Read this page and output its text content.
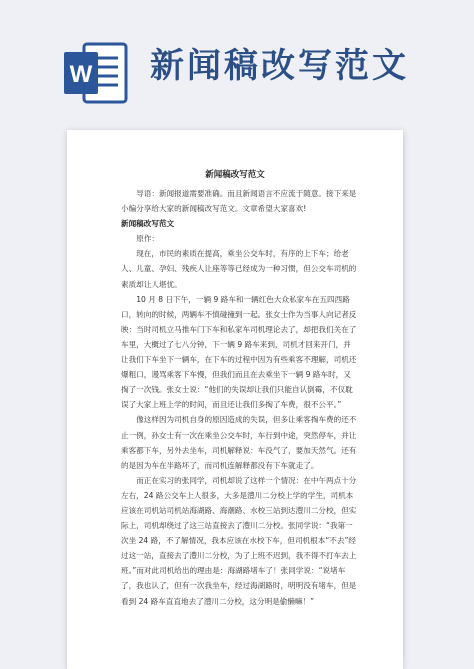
W 新闻稿改写范文
新闻稿改写范文

导语：新闻报道需要准确。而且新闻语言不应流于随意。接下来是小编分享给大家的新闻稿改写范文。文章希望大家喜欢!

新闻稿改写范文

原作：

现在，市民的素质在提高，乘坐公交车时，有序的上下车；给老人、儿童、孕妇、残疾人让座等等已经成为一种习惯，但公交车司机的素质却让人堪忧。

10 月 8 日下午，一辆 9 路车和一辆红色大众私家车在五四西路口，转向的时候，两辆车不慎碰撞到一起。张女士作为当事人向记者反映：当时司机立马推车门下车和私家车司机理论去了，却把我们关在了车里，大概过了七八分钟，下一辆 9 路车来到，司机才回来开门，并让我们下车坐下一辆车，在下车的过程中因为有些乘客不理解，司机还爆粗口，谩骂乘客下车慢，但我们而且在去乘坐下一辆 9 路车时，又掏了一次钱。张女士说：“他们的失误却让我们只能自认倒霉，不仅耽误了大家上班上学的时间，而且还让我们多掏了车费，很不公平。”

像这样因为司机自身的原因造成的失误，但多让乘客掏车费的还不止一例，孙女士有一次在乘坐公交车时，车行到中途，突然停车，并让乘客都下车，另外去坐车，司机解释说：车没气了，要加天然气。还有的是因为车在半路坏了，而司机连解释都没有下车就走了。

而正在实习的张同学，司机却说了这样一个情况：在中午两点十分左右，24 路公交车上人很多，大多是澧川二分校上学的学生，司机本应该在司机站司机站海湖路、海潮路、水校三站到达澧川二分校，但实际上，司机却绕过了这三站直接去了澧川二分校。张同学说：“我第一次坐 24 路，不了解情况，我本应该在水校下车，但司机根本“不去”经过这一站，直接去了澧川二分校，为了上班不迟到，我不得不打车去上班。”而对此司机给出的理由是：海湖路堵车了！张同学说：“说堵车了，我也认了，但有一次我坐车，经过海湖路时，明明没有堵车，但是看到 24 路车直直地去了澧川二分校，这分明是偷懒嘛！”
